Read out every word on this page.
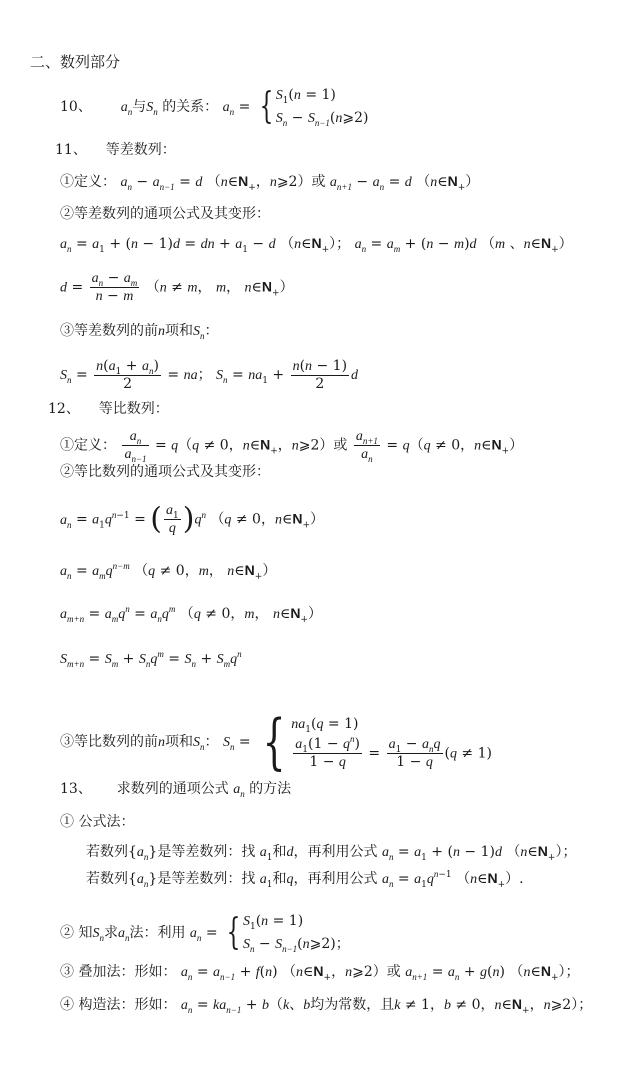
二、数列部分
10、 $a_n$与$S_n$ 的关系： $a_n$ = { $S_1(n = 1)$
$S_n$ − $S_{n-1}(n⩾2)$
11、 等差数列：
①定义： $a_n - a_{n-1} = d$ （$n\in N_+$，n⩾2）或 $a_{n+1} - a_n = d$ $(n\in N_+)$
②等差数列的通项公式及其变形：
$a_n = a_1 + (n - 1)d$ = dn + $a_1 - d$ $(n\in N_+)$； $a_n = a_m + (n - m)d$ （m 、$n\in N_+$）
$d = \frac{a_n - a_m}{n - m} (n \ne m$， m， $n\in N_+$）
③等差数列的前n项和$S_n$：
$S_n = \frac{n(a_1 + a_n)}{2}$ = na； $S_n = na_1 + \frac{n(n - 1)}{2}$ d
12、 等比数列：
①定义： $\frac{a_n}{a_{n-1}} = q(q \ne 0$，$n\in N_+$，n⩾2）或 $\frac{a_{n+1}}{a_n} = q(q \ne 0$，$n\in N_+$）
②等比数列的通项公式及其变形：
$a_n = a_1q^{n-1}$ = ( $\frac{a_1}{q} )q^n$ （q ≠ 0，$n\in N_+$）
$a_n = a_mq^{n-m}$ （q ≠ 0，m， $n\in N_+$）
$a_{m+n} = a_mq^n = a_nq^m$ （q ≠ 0，m， $n\in N_+$）
$S_{m+n} = S_m + S_nq^m = S_n + S_mq^n$
③等比数列的前n项和$S_n$： $S_n$ = { $na_1(q = 1)$
$\frac{a_1(1 - q^n)}{1 - q} = \frac{a_1 - a_nq}{1 - q} (q \ne 1)$
13、 求数列的通项公式 $a_n$ 的方法
① 公式法：
若数列$\{a_n\}$是等差数列：找 $a_1$和d，再利用公式 $a_n = a_1 + (n - 1)d$ $(n\in N_+)$；
若数列$\{a_n\}$是等差数列：找 $a_1$和q，再利用公式 $a_n = a_1q^{n-1}$ $(n\in N_+)$.
② 知$S_n$求$a_n$法：利用 $a_n$ = { $S_1(n = 1)$
$S_n$ − $S_{n-1}(n⩾2)$；
③ 叠加法：形如： $a_n = a_{n-1} + f(n)$ （$n\in N_+$，n⩾2）或 $a_{n+1} = a_n + g(n)$ $(n\in N_+)$；
④ 构造法：形如： $a_n = ka_{n-1} + b(k$、b均为常数，且k ≠ 1，b ≠ 0，$n\in N_+$，n⩾2）；
